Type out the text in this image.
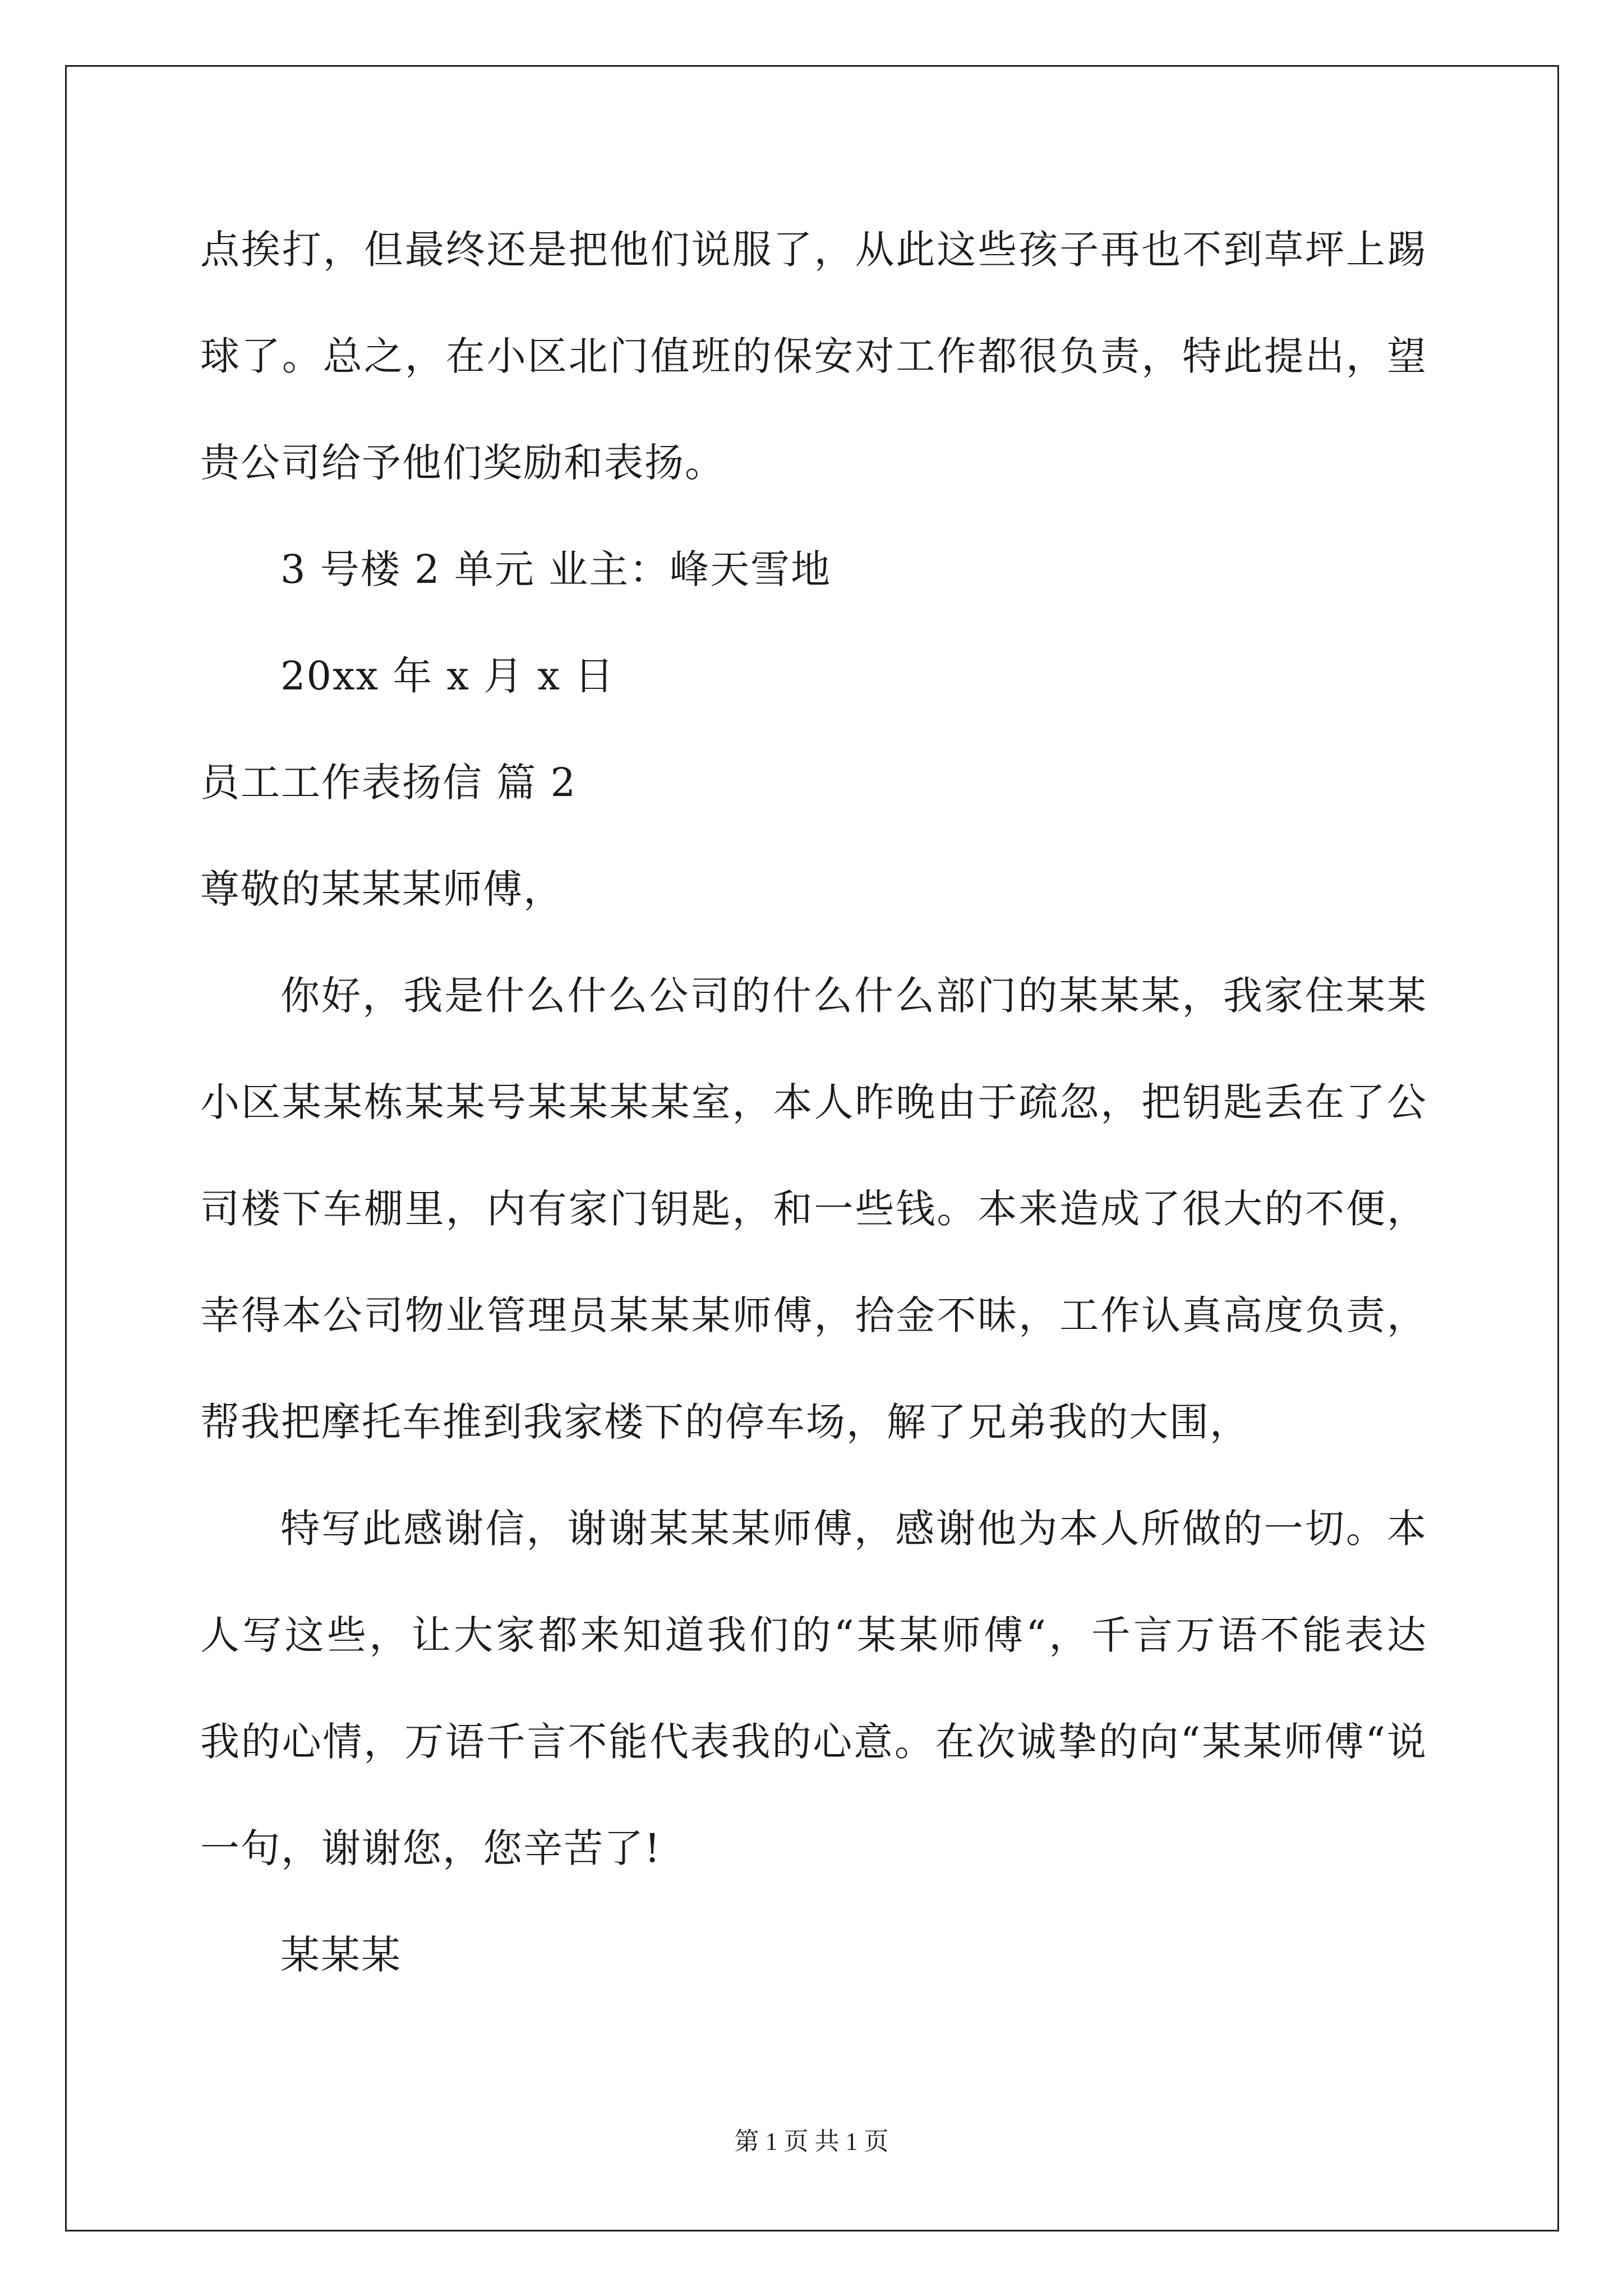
点挨打，但最终还是把他们说服了，从此这些孩子再也不到草坪上踢
球了。总之，在小区北门值班的保安对工作都很负责，特此提出，望
贵公司给予他们奖励和表扬。
3 号楼 2 单元 业主：峰天雪地
20xx 年 x 月 x 日
员工工作表扬信 篇 2
尊敬的某某某师傅，
你好，我是什么什么公司的什么什么部门的某某某，我家住某某
小区某某栋某某号某某某某室，本人昨晚由于疏忽，把钥匙丢在了公
司楼下车棚里，内有家门钥匙，和一些钱。本来造成了很大的不便，
幸得本公司物业管理员某某某师傅，拾金不昧，工作认真高度负责，
帮我把摩托车推到我家楼下的停车场，解了兄弟我的大围，
特写此感谢信，谢谢某某某师傅，感谢他为本人所做的一切。本
人写这些，让大家都来知道我们的“某某师傅“，千言万语不能表达
我的心情，万语千言不能代表我的心意。在次诚挚的向“某某师傅“说
一句，谢谢您，您辛苦了!
某某某
第 1 页 共 1 页
